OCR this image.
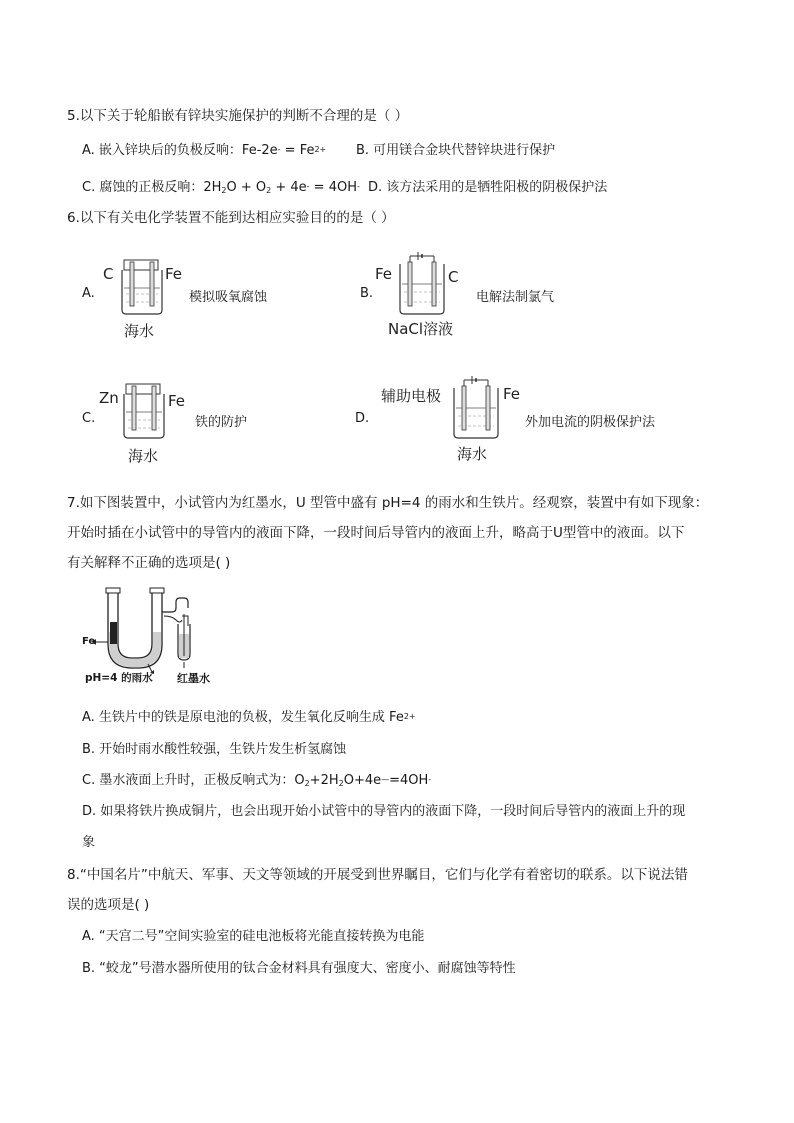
5.以下关于轮船嵌有锌块实施保护的判断不合理的是（ ）
A. 嵌入锌块后的负极反响：$Fe-2e^- = Fe^{2+}$ B. 可用镁合金块代替锌块进行保护
C. 腐蚀的正极反响：$2H_2O + O_2 + 4e^- = 4OH^-$ D. 该方法采用的是牺牲阳极的阴极保护法
6.以下有关电化学装置不能到达相应实验目的的是（ ）
A.
C	Fe
海水
模拟吸氧腐蚀	B.
Fe	C
NaCl溶液
电解法制氯气
C.
Zn	Fe
海水
铁的防护	D.
辅助电极	Fe
海水
外加电流的阴极保护法
7.如下图装置中，小试管内为红墨水，U 型管中盛有 pH=4 的雨水和生铁片。经观察，装置中有如下现象：
开始时插在小试管中的导管内的液面下降，一段时间后导管内的液面上升，略高于U型管中的液面。以下
有关解释不正确的选项是( )
Fe
pH=4 的雨水 红墨水
A. 生铁片中的铁是原电池的负极，发生氧化反响生成 $Fe^{2+}$
B. 开始时雨水酸性较强，生铁片发生析氢腐蚀
C. 墨水液面上升时，正极反响式为：$O_2+2H_2O+4e^—=4OH^-$
D. 如果将铁片换成铜片，也会出现开始小试管中的导管内的液面下降，一段时间后导管内的液面上升的现
象
8.“中国名片”中航天、军事、天文等领域的开展受到世界瞩目，它们与化学有着密切的联系。以下说法错
误的选项是( )
A. “天宫二号”空间实验室的硅电池板将光能直接转换为电能
B. “蛟龙”号潜水器所使用的钛合金材料具有强度大、密度小、耐腐蚀等特性
